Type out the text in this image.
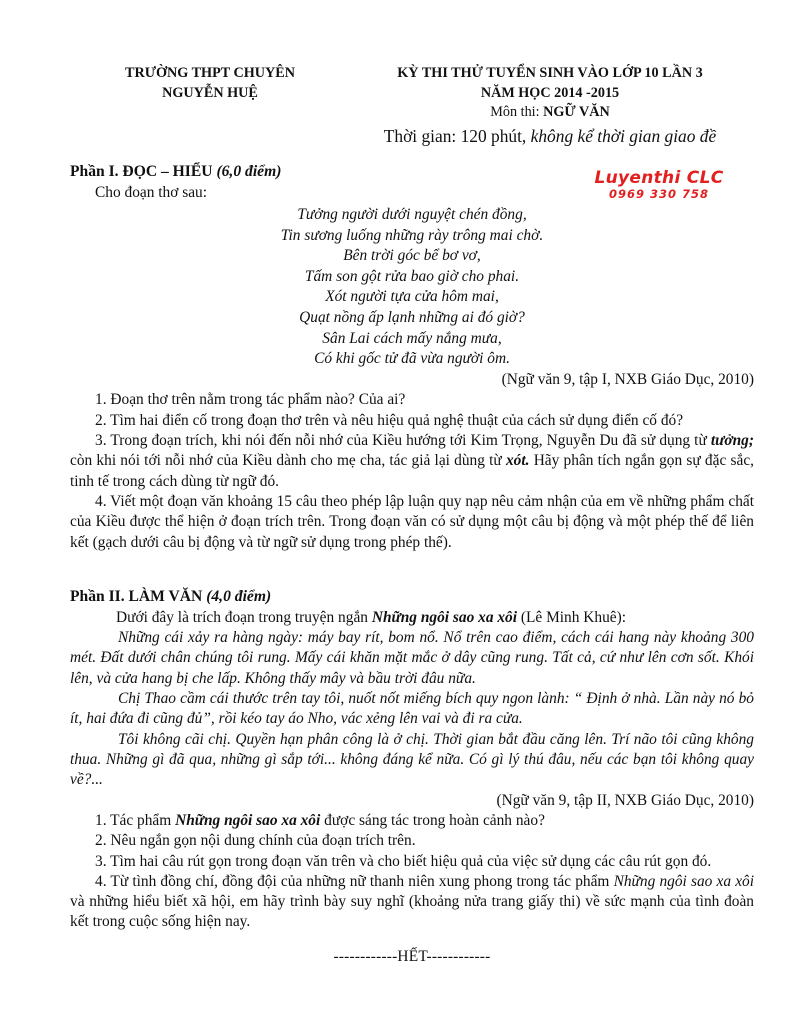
TRƯỜNG THPT CHUYÊN
NGUYỄN HUỆ
KỲ THI THỬ TUYỂN SINH VÀO LỚP 10 LẦN 3
NĂM HỌC 2014 -2015
Môn thi: NGỮ VĂN
Thời gian: 120 phút, không kể thời gian giao đề
Luyenthi CLC
0969 330 758
Phần I. ĐỌC – HIỂU (6,0 điểm)
Cho đoạn thơ sau:
Tưởng người dưới nguyệt chén đồng,
Tin sương luống những rày trông mai chờ.
Bên trời góc bể bơ vơ,
Tấm son gột rửa bao giờ cho phai.
Xót người tựa cửa hôm mai,
Quạt nồng ấp lạnh những ai đó giờ?
Sân Lai cách mấy nắng mưa,
Có khi gốc tử đã vừa người ôm.
(Ngữ văn 9, tập I, NXB Giáo Dục, 2010)
1. Đoạn thơ trên nằm trong tác phẩm nào? Của ai?
2. Tìm hai điển cố trong đoạn thơ trên và nêu hiệu quả nghệ thuật của cách sử dụng điển cố đó?
3. Trong đoạn trích, khi nói đến nỗi nhớ của Kiều hướng tới Kim Trọng, Nguyễn Du đã sử dụng từ tưởng; còn khi nói tới nỗi nhớ của Kiều dành cho mẹ cha, tác giả lại dùng từ xót. Hãy phân tích ngắn gọn sự đặc sắc, tinh tế trong cách dùng từ ngữ đó.
4. Viết một đoạn văn khoảng 15 câu theo phép lập luận quy nạp nêu cảm nhận của em về những phẩm chất của Kiều được thể hiện ở đoạn trích trên. Trong đoạn văn có sử dụng một câu bị động và một phép thế để liên kết (gạch dưới câu bị động và từ ngữ sử dụng trong phép thế).
Phần II. LÀM VĂN (4,0 điểm)
Dưới đây là trích đoạn trong truyện ngắn Những ngôi sao xa xôi (Lê Minh Khuê):
Những cái xảy ra hàng ngày: máy bay rít, bom nổ. Nổ trên cao điểm, cách cái hang này khoảng 300 mét. Đất dưới chân chúng tôi rung. Mấy cái khăn mặt mắc ở dây cũng rung. Tất cả, cứ như lên cơn sốt. Khói lên, và cửa hang bị che lấp. Không thấy mây và bầu trời đâu nữa.
Chị Thao cầm cái thước trên tay tôi, nuốt nốt miếng bích quy ngon lành: “ Định ở nhà. Lần này nó bỏ ít, hai đứa đi cũng đủ”, rồi kéo tay áo Nho, vác xẻng lên vai và đi ra cửa.
Tôi không cãi chị. Quyền hạn phân công là ở chị. Thời gian bắt đầu căng lên. Trí não tôi cũng không thua. Những gì đã qua, những gì sắp tới... không đáng kể nữa. Có gì lý thú đâu, nếu các bạn tôi không quay về?...
(Ngữ văn 9, tập II, NXB Giáo Dục, 2010)
1. Tác phẩm Những ngôi sao xa xôi được sáng tác trong hoàn cảnh nào?
2. Nêu ngắn gọn nội dung chính của đoạn trích trên.
3. Tìm hai câu rút gọn trong đoạn văn trên và cho biết hiệu quả của việc sử dụng các câu rút gọn đó.
4. Từ tình đồng chí, đồng đội của những nữ thanh niên xung phong trong tác phẩm Những ngôi sao xa xôi và những hiểu biết xã hội, em hãy trình bày suy nghĩ (khoảng nửa trang giấy thi) về sức mạnh của tình đoàn kết trong cuộc sống hiện nay.
------------HẾT------------
